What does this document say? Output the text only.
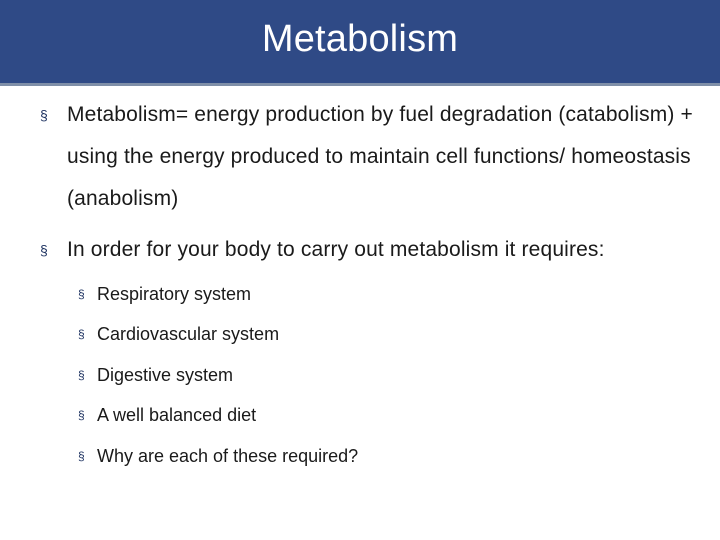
Metabolism
§ Metabolism= energy production by fuel degradation (catabolism) + using the energy produced to maintain cell functions/ homeostasis (anabolism)
§ In order for your body to carry out metabolism it requires:
§ Respiratory system
§ Cardiovascular system
§ Digestive system
§ A well balanced diet
§ Why are each of these required?
